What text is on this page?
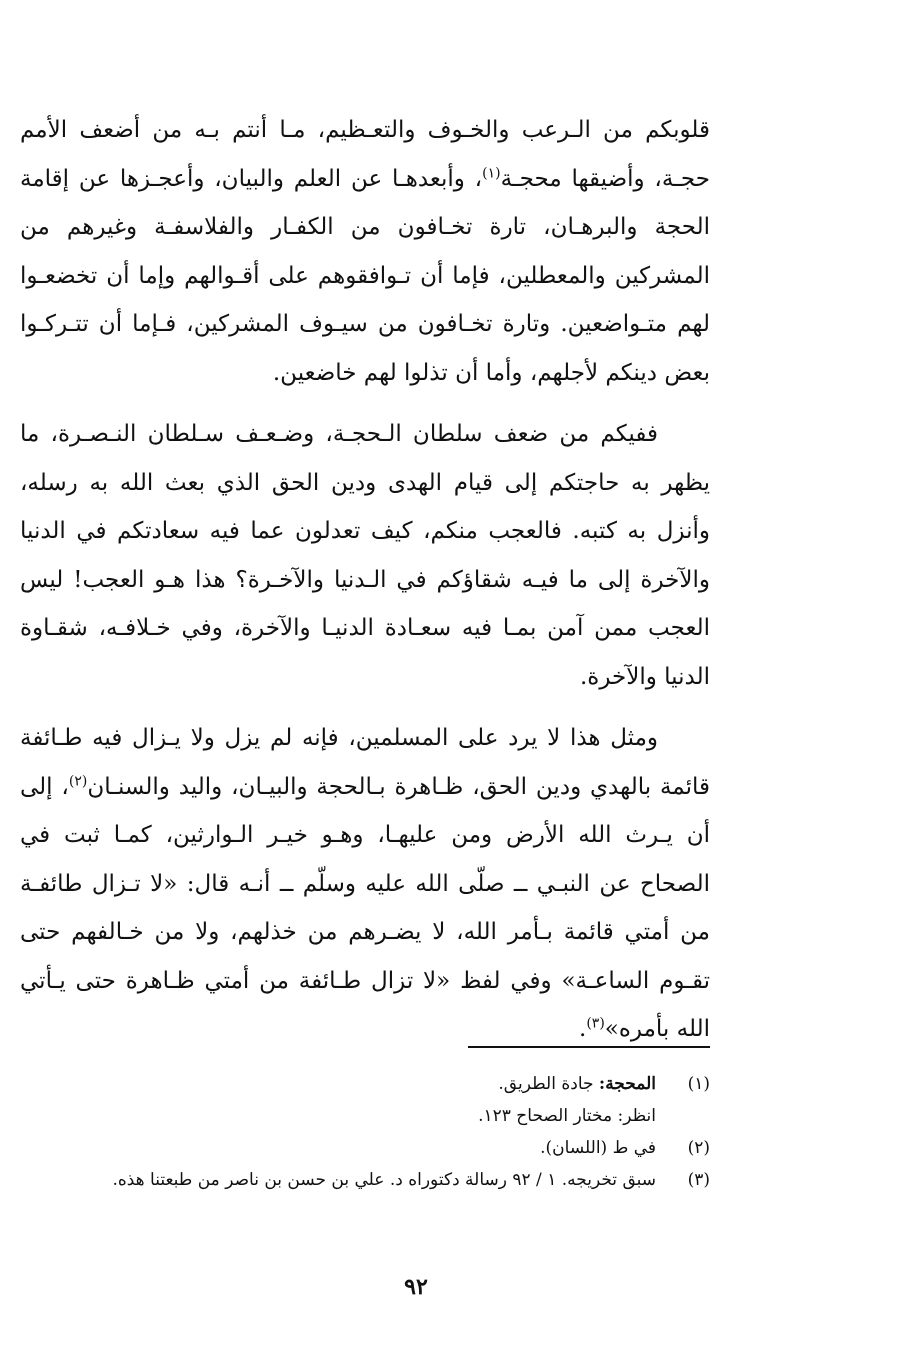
قلوبكم من الـرعب والخـوف والتعـظيم، مـا أنتم بـه من أضعف الأمم حجـة، وأضيقها محجـة$^{(١)}$، وأبعدهـا عن العلم والبيان، وأعجـزها عن إقامة الحجة والبرهـان، تارة تخـافون من الكفـار والفلاسفـة وغيرهم من المشركين والمعطلين، فإما أن تـوافقوهم على أقـوالهم وإما أن تخضعـوا لهم متـواضعين. وتارة تخـافون من سيـوف المشركين، فـإما أن تتـركـوا بعض دينكم لأجلهم، وأما أن تذلوا لهم خاضعين.

ففيكم من ضعف سلطان الـحجـة، وضـعـف سـلطان النـصـرة، ما يظهر به حاجتكم إلى قيام الهدى ودين الحق الذي بعث الله به رسله، وأنزل به كتبه. فالعجب منكم، كيف تعدلون عما فيه سعادتكم في الدنيا والآخرة إلى ما فيـه شقاؤكم في الـدنيا والآخـرة؟ هذا هـو العجب! ليس العجب ممن آمن بمـا فيه سعـادة الدنيـا والآخرة، وفي خـلافـه، شقـاوة الدنيا والآخرة.

ومثل هذا لا يرد على المسلمين، فإنه لم يزل ولا يـزال فيه طـائفة قائمة بالهدي ودين الحق، ظـاهرة بـالحجة والبيـان، واليد والسنـان$^{(٢)}$، إلى أن يـرث الله الأرض ومن عليهـا، وهـو خيـر الـوارثين، كمـا ثبت في الصحاح عن النبـي ــ صلّى الله عليه وسلّم ــ أنـه قال: «لا تـزال طائفـة من أمتي قائمة بـأمر الله، لا يضـرهم من خذلهم، ولا من خـالفهم حتى تقـوم الساعـة» وفي لفظ «لا تزال طـائفة من أمتي ظـاهرة حتى يـأتي الله بأمره»$^{(٣)}$.

(١)
المحجة: جادة الطريق.
انظر: مختار الصحاح ١٢٣.
(٢)
في ط (اللسان).
(٣)
سبق تخريجه. ١ / ٩٢ رسالة دكتوراه د. علي بن حسن بن ناصر من طبعتنا هذه.
٩٢
